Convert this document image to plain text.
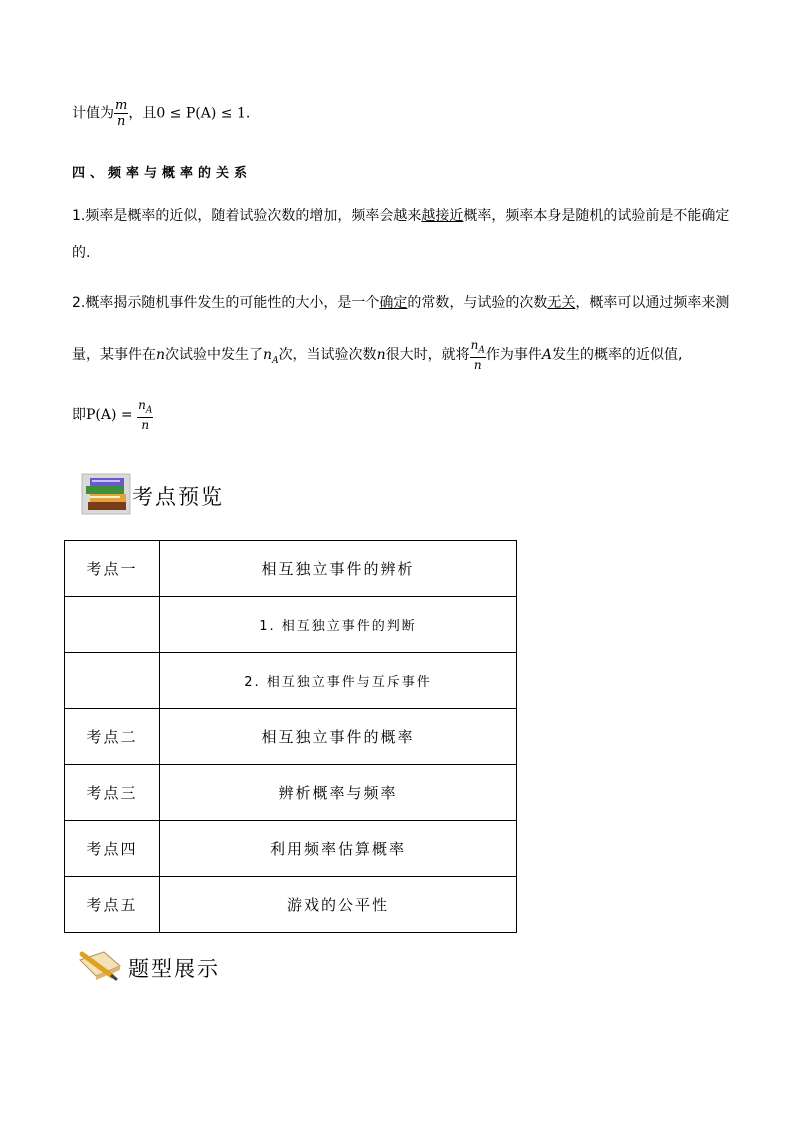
计值为 $\frac{m}{n}$ ，且0 ≤ P(A) ≤ 1.
四、频率与概率的关系
1.频率是概率的近似，随着试验次数的增加，频率会越来越接近概率，频率本身是随机的试验前是不能确定
的.
2.概率揭示随机事件发生的可能性的大小，是一个确定的常数，与试验的次数无关，概率可以通过频率来测
量，某事件在n次试验中发生了$n_A$次，当试验次数n很大时，就将 $\frac{n_A}{n}$ 作为事件A发生的概率的近似值,
即$P(A) = \frac{n_A}{n}$
考点预览
考点一	相互独立事件的辨析
	1. 相互独立事件的判断
	2. 相互独立事件与互斥事件
考点二	相互独立事件的概率
考点三	辨析概率与频率
考点四	利用频率估算概率
考点五	游戏的公平性
题型展示
